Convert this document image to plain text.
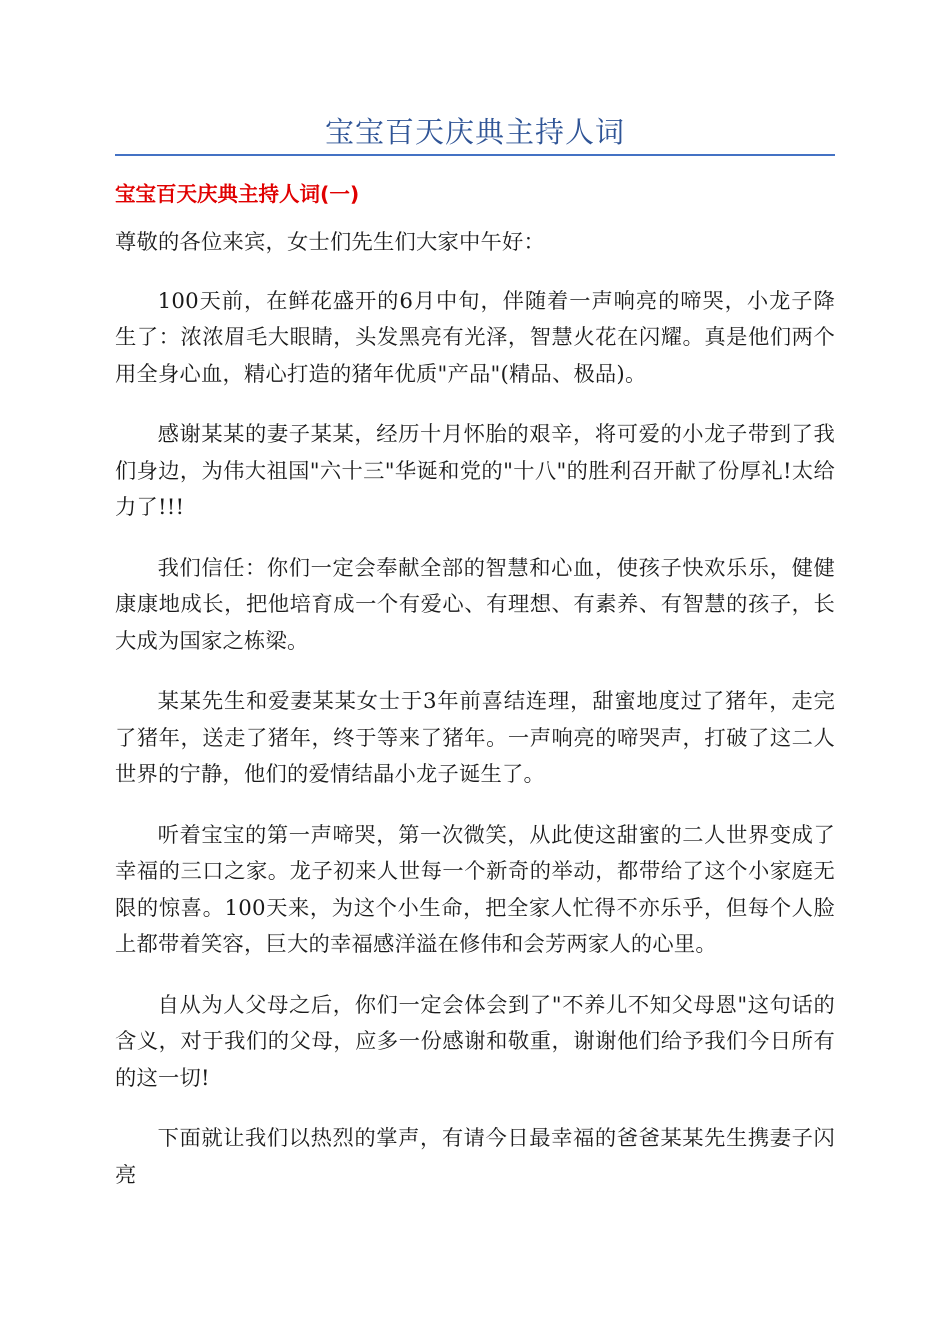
宝宝百天庆典主持人词
宝宝百天庆典主持人词(一)

尊敬的各位来宾，女士们先生们大家中午好：

100天前，在鲜花盛开的6月中旬，伴随着一声响亮的啼哭，小龙子降生了：浓浓眉毛大眼睛，头发黑亮有光泽，智慧火花在闪耀。真是他们两个用全身心血，精心打造的猪年优质"产品"(精品、极品)。

感谢某某的妻子某某，经历十月怀胎的艰辛，将可爱的小龙子带到了我们身边，为伟大祖国"六十三"华诞和党的"十八"的胜利召开献了份厚礼!太给力了!!!

我们信任：你们一定会奉献全部的智慧和心血，使孩子快欢乐乐，健健康康地成长，把他培育成一个有爱心、有理想、有素养、有智慧的孩子，长大成为国家之栋梁。

某某先生和爱妻某某女士于3年前喜结连理，甜蜜地度过了猪年，走完了猪年，送走了猪年，终于等来了猪年。一声响亮的啼哭声，打破了这二人世界的宁静，他们的爱情结晶小龙子诞生了。

听着宝宝的第一声啼哭，第一次微笑，从此使这甜蜜的二人世界变成了幸福的三口之家。龙子初来人世每一个新奇的举动，都带给了这个小家庭无限的惊喜。100天来，为这个小生命，把全家人忙得不亦乐乎，但每个人脸上都带着笑容，巨大的幸福感洋溢在修伟和会芳两家人的心里。

自从为人父母之后，你们一定会体会到了"不养儿不知父母恩"这句话的含义，对于我们的父母，应多一份感谢和敬重，谢谢他们给予我们今日所有的这一切!

下面就让我们以热烈的掌声，有请今日最幸福的爸爸某某先生携妻子闪亮
